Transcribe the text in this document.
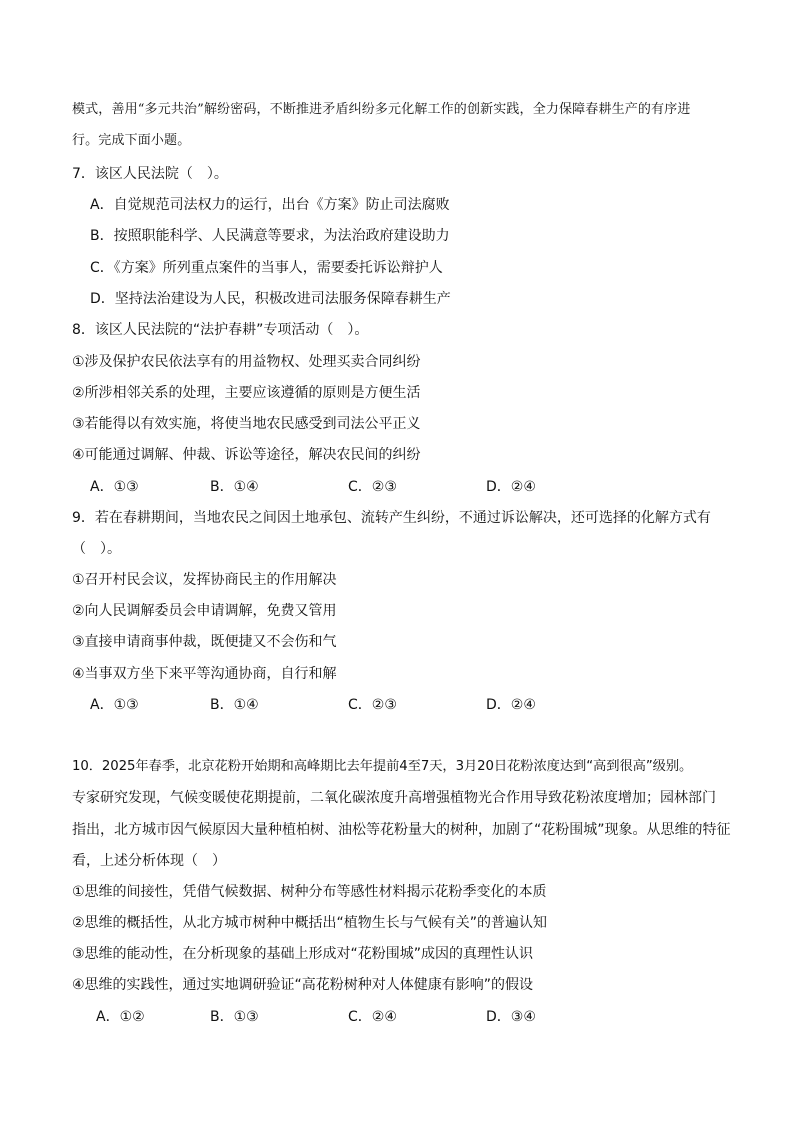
模式，善用“多元共治”解纷密码，不断推进矛盾纠纷多元化解工作的创新实践，全力保障春耕生产的有序进
行。完成下面小题。
7．该区人民法院（　）。
A．自觉规范司法权力的运行，出台《方案》防止司法腐败
B．按照职能科学、人民满意等要求，为法治政府建设助力
C．《方案》所列重点案件的当事人，需要委托诉讼辩护人
D．坚持法治建设为人民，积极改进司法服务保障春耕生产
8．该区人民法院的“法护春耕”专项活动（　）。
①涉及保护农民依法享有的用益物权、处理买卖合同纠纷
②所涉相邻关系的处理，主要应该遵循的原则是方便生活
③若能得以有效实施，将使当地农民感受到司法公平正义
④可能通过调解、仲裁、诉讼等途径，解决农民间的纠纷
A．①③	B．①④	C．②③	D．②④
9．若在春耕期间，当地农民之间因土地承包、流转产生纠纷，不通过诉讼解决，还可选择的化解方式有
（　）。
①召开村民会议，发挥协商民主的作用解决
②向人民调解委员会申请调解，免费又管用
③直接申请商事仲裁，既便捷又不会伤和气
④当事双方坐下来平等沟通协商，自行和解
A．①③	B．①④	C．②③	D．②④
10．2025年春季，北京花粉开始期和高峰期比去年提前4至7天，3月20日花粉浓度达到“高到很高”级别。
专家研究发现，气候变暖使花期提前，二氧化碳浓度升高增强植物光合作用导致花粉浓度增加；园林部门
指出，北方城市因气候原因大量种植柏树、油松等花粉量大的树种，加剧了“花粉围城”现象。从思维的特征
看，上述分析体现（　）
①思维的间接性，凭借气候数据、树种分布等感性材料揭示花粉季变化的本质
②思维的概括性，从北方城市树种中概括出“植物生长与气候有关”的普遍认知
③思维的能动性，在分析现象的基础上形成对“花粉围城”成因的真理性认识
④思维的实践性，通过实地调研验证“高花粉树种对人体健康有影响”的假设
A．①②	B．①③	C．②④	D．③④
